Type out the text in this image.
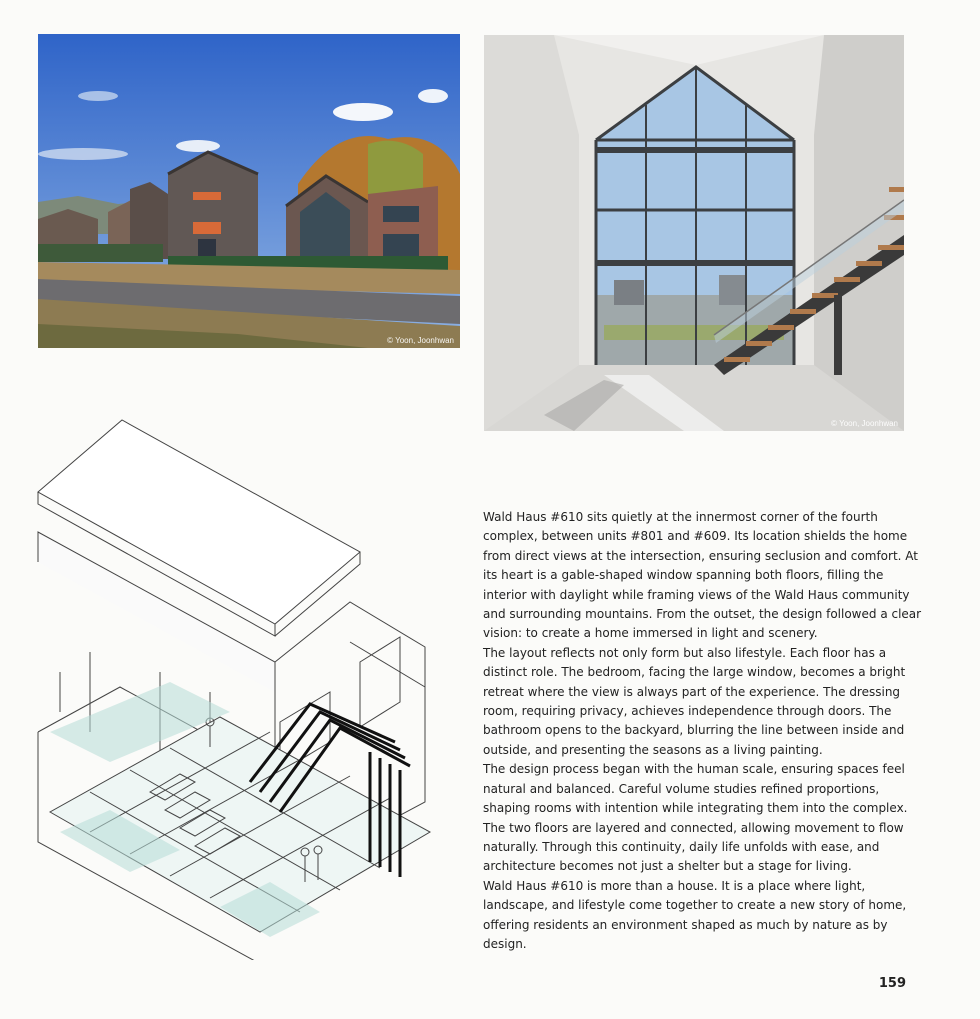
© Yoon, Joonhwan
© Yoon, Joonhwan

Wald Haus #610 sits quietly at the innermost corner of the fourth complex, between units #801 and #609. Its location shields the home from direct views at the intersection, ensuring seclusion and comfort. At its heart is a gable-shaped window spanning both floors, filling the interior with daylight while framing views of the Wald Haus community and surrounding mountains. From the outset, the design followed a clear vision: to create a home immersed in light and scenery.

The layout reflects not only form but also lifestyle. Each floor has a distinct role. The bedroom, facing the large window, becomes a bright retreat where the view is always part of the experience. The dressing room, requiring privacy, achieves independence through doors. The bathroom opens to the backyard, blurring the line between inside and outside, and presenting the seasons as a living painting.

The design process began with the human scale, ensuring spaces feel natural and balanced. Careful volume studies refined proportions, shaping rooms with intention while integrating them into the complex. The two floors are layered and connected, allowing movement to flow naturally. Through this continuity, daily life unfolds with ease, and architecture becomes not just a shelter but a stage for living.

Wald Haus #610 is more than a house. It is a place where light, landscape, and lifestyle come together to create a new story of home, offering residents an environment shaped as much by nature as by design.

159
